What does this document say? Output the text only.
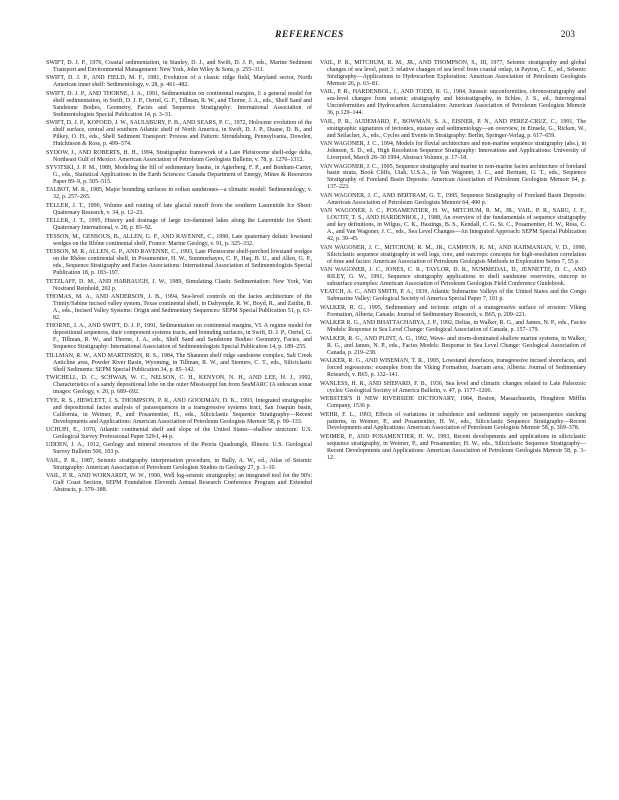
REFERENCES	203

SWIFT, D. J. P., 1976, Coastal sedimentation, in Stanley, D. J., and Swift, D. J. P., eds., Marine Sediment Transport and Environmental Management: New York, John Wiley & Sons, p. 255–311.

SWIFT, D. J. P., AND FIELD, M. F., 1981, Evolution of a classic ridge field, Maryland sector, North American inner shelf: Sedimentology, v. 28, p. 461–482.

SWIFT, D. J. P., AND THORNE, J. A., 1991, Sedimentation on continental margins, I: a general model for shelf sedimentation, in Swift, D. J. P., Oertel, G. F., Tillman, R. W., and Thorne, J. A., eds., Shelf Sand and Sandstone Bodies, Geometry, Facies and Sequence Stratigraphy: International Association of Sedimentologists Special Publication 14, p. 3–31.

SWIFT, D. J. P., KOFOED, J. W., SAULSBURY, F. B., AND SEARS, P. C., 1972, Holocene evolution of the shelf surface, central and southern Atlantic shelf of North America, in Swift, D. J. P., Duane, D. B., and Pilkey, O. H., eds., Shelf Sediment Transport: Process and Pattern: Stroudsburg, Pennsylvania, Dowden, Hutchinson & Ross, p. 499–574.

SYDOW, J., AND ROBERTS, H. H., 1994, Stratigraphic framework of a Late Pleistocene shelf-edge delta, Northeast Gulf of Mexico: American Association of Petroleum Geologists Bulletin, v. 78, p. 1276–1312.

SYVITSKI, J. P. M., 1989, Modeling the fill of sedimentary basins, in Agterberg, F. P., and Bonham-Carter, G., eds., Statistical Applications in the Earth Sciences: Canada Department of Energy, Mines & Resources Paper 89–9, p. 505–515.

TALBOT, M. R., 1985, Major bounding surfaces in eolian sandstones—a climatic model: Sedimentology, v. 32, p. 257–265.

TELLER, J. T., 1990, Volume and routing of late glacial runoff from the southern Laurentide Ice Sheet: Quaternary Research, v. 34, p. 12–23.

TELLER, J. T., 1995, History and drainage of large ice-dammed lakes along the Laurentide Ice Sheet: Quaternary International, v. 28, p. 83–92.

TESSON, M., GENSOUS, B., ALLEN, G. P., AND RAVENNE, C., 1990, Late quaternary deltaic lowstand wedges on the Rhône continental shelf, France: Marine Geology, v. 91, p. 325–332.

TESSON, M. R., ALLEN, G. P., AND RAVENNE, C., 1993, Late Pleistocene shelf-perched lowstand wedges on the Rhône continental shelf, in Posamentier, H. W., Summerhayes, C. P., Haq, B. U., and Allen, G. P., eds., Sequence Stratigraphy and Facies Associations: International Association of Sedimentologists Special Publication 18, p. 183–197.

TETZLAFF, D. M., AND HARBAUGH, J. W., 1989, Simulating Clastic Sedimentation: New York, Van Nostrand Reinhold, 202 p.

THOMAS, M. A., AND ANDERSON, J. B., 1994, Sea-level controls on the facies architecture of the Trinity/Sabine incised valley system, Texas continental shelf, in Dalrymple, R. W., Boyd, R., and Zaitlin, B. A., eds., Incised Valley Systems: Origin and Sedimentary Sequences: SEPM Special Publication 51, p. 63–82.

THORNE, J. A., AND SWIFT, D. J. P., 1991, Sedimentation on continental margins, VI. A regime model for depositional sequences, their component systems tracts, and bounding surfaces, in Swift, D. J. P., Oertel, G. F., Tillman, R. W., and Thorne, J. A., eds., Shelf Sand and Sandstone Bodies: Geometry, Facies, and Sequence Stratigraphy: International Association of Sedimentologists Special Publication 14, p. 189–255.

TILLMAN, R. W., AND MARTINSEN, R. S., 1984, The Shannon shelf ridge sandstone complex, Salt Creek Anticline area, Powder River Basin, Wyoming, in Tillman, R. W., and Siemers, C. T., eds., Siliciclastic Shelf Sediments: SEPM Special Publication 34, p. 85–142.

TWICHELL, D. C., SCHWAB, W. C., NELSON, C. H., KENYON, N. H., AND LEE, H. J., 1992, Characteristics of a sandy depositional lobe on the outer Mississippi fan from SeaMARC IA sidescan sonar images: Geology, v. 20, p. 689–692.

TYE, R. S., HEWLETT, J. S. THOMPSON, P. R., AND GOODMAN, D. K., 1993, Integrated stratigraphic and depositional facies analysis of parasequences in a transgressive systems tract, San Joaquin basin, California, in Weimer, P., and Posamentier, H., eds., Siliciclastic Sequence Stratigraphy—Recent Developments and Applications: American Association of Petroleum Geologists Memoir 58, p. 99–133.

UCHUPI, E., 1970, Atlantic continental shelf and slope of the United States—shallow structure: U.S. Geological Survey Professional Paper 529-I, 44 p.

UDDEN, J. A., 1912, Geology and mineral resources of the Peoria Quadrangle, Illinois: U.S. Geological Survey Bulletin 506, 103 p.

VAIL, P. R., 1987, Seismic stratigraphy interpretation procedure, in Bally, A. W., ed., Atlas of Seismic Stratigraphy: American Association of Petroleum Geologists Studies in Geology 27, p. 1–10.

VAIL, P. R., AND WORNARDT, W. W., 1990, Well log-seismic stratigraphy; an integrated tool for the 90's: Gulf Coast Section, SEPM Foundation Eleventh Annual Research Conference Program and Extended Abstracts, p. 379–388.

VAIL, P. R., MITCHUM, R. M., JR., AND THOMPSON, S., III, 1977, Seismic stratigraphy and global changes of sea level, part 3: relative changes of sea level from coastal onlap, in Payton, C. E., ed., Seismic Stratigraphy—Applications to Hydrocarbon Exploration: American Association of Petroleum Geologists Memoir 26, p. 63–81.

VAIL, P. R., HARDENBOL, J., AND TODD, R. G., 1984, Jurassic unconformities, chronostratigraphy and sea-level changes from seismic stratigraphy and biostratigraphy, in Schlee, J. S., ed., Interregional Unconformities and Hydrocarbon Accumulation: American Association of Petroleum Geologists Memoir 36, p.129–144.

VAIL, P. R., AUDEMARD, F., BOWMAN, S. A., EISNER, P. N., AND PEREZ-CRUZ, C., 1991, The stratigraphic signatures of tectonics, eustasy and sedimentology—an overview, in Einsele, G., Ricken, W., and Seilacher, A., eds., Cycles and Events in Stratigraphy: Berlin, Springer-Verlag, p. 617–659.

VAN WAGONER, J. C., 1994, Models for fluvial architecture and non-marine sequence stratigraphy (abs.), in Johnson, S. D., ed., High Resolution Sequence Stratigraphy: Innovations and Applications: University of Liverpool, March 28–30 1994, Abstract Volume, p. 17–18.

VAN WAGONER, J. C., 1995, Sequence stratigraphy and marine to non-marine facies architecture of foreland basin strata, Book Cliffs, Utah, U.S.A., in Van Wagoner, J. C., and Bertram, G. T., eds., Sequence Stratigraphy of Foreland Basin Deposits: American Association of Petroleum Geologists Memoir 64, p. 137–223.

VAN WAGONER, J. C., AND BERTRAM, G. T., 1995, Sequence Stratigraphy of Foreland Basin Deposits: American Association of Petroleum Geologists Memoir 64, 490 p.

VAN WAGONER, J. C., POSAMENTIER, H. W., MITCHUM, R. M., JR., VAIL, P. R., SARG, J. F., LOUTIT, T. S., AND HARDENBOL, J., 1988, An overview of the fundamentals of sequence stratigraphy and key definitions, in Wilgus, C. K., Hastings, B. S., Kendall, C. G. St. C., Posamentier, H. W., Ross, C. A., and Van Wagoner, J. C., eds., Sea Level Changes—An Integrated Approach: SEPM Special Publication 42, p. 39–45.

VAN WAGONER, J. C., MITCHUM, R. M., JR., CAMPION, K. M., AND RAHMANIAN, V. D., 1990, Siliciclastic sequence stratigraphy in well logs, core, and outcrops: concepts for high-resolution correlation of time and facies: American Association of Petroleum Geologists Methods in Exploration Series 7, 55 p.

VAN WAGONER, J. C., JONES, C. R., TAYLOR, D. R., NUMMEDAL, D., JENNETTE, D. C., AND RILEY, G. W., 1991, Sequence stratigraphy applications to shelf sandstone reservoirs, outcrop to subsurface examples: American Association of Petroleum Geologists Field Conference Guidebook.

VEATCH, A. C., AND SMITH, P. A., 1939, Atlantic Submarine Valleys of the United States and the Congo Submarine Valley: Geological Society of America Special Paper 7, 101 p.

WALKER, R. G., 1995, Sedimentary and tectonic origin of a transgressive surface of erosion: Viking Formation, Alberta, Canada: Journal of Sedimentary Research, v. B65, p. 209–221.

WALKER R. G., AND BHATTACHARYA, J. P., 1992, Deltas, in Walker, R. G., and James, N. P., eds., Facies Models: Response to Sea Level Change: Geological Association of Canada, p. 157–179.

WALKER, R. G., AND PLINT, A. G., 1992, Wave- and storm-dominated shallow marine systems, in Walker, R. G., and James, N. P., eds., Facies Models: Response to Sea Level Change: Geological Association of Canada, p. 219–238.

WALKER, R. G., AND WISEMAN, T. R., 1995, Lowstand shorefaces, transgressive incised shorefaces, and forced regressions: examples from the Viking Formation, Joarcam area, Alberta: Journal of Sedimentary Research, v. B65, p. 132–141.

WANLESS, H. R., AND SHEPARD, F. B., 1936, Sea level and climatic changes related to Late Paleozoic cycles: Geological Society of America Bulletin, v. 47, p. 1177–1206.

WEBSTER'S II NEW RIVERSIDE DICTIONARY, 1984, Boston, Massachusetts, Houghton Mifflin Company, 1536 p.

WEHR, F. L., 1993, Effects of variations in subsidence and sediment supply on parasequence stacking patterns, in Weimer, P., and Posamentier, H. W., eds., Siliciclastic Sequence Stratigraphy—Recent Developments and Applications: American Association of Petroleum Geologists Memoir 58, p. 369–378.

WEIMER, P., AND POSAMENTIER, H. W., 1993, Recent developments and applications in siliciclastic sequence stratigraphy, in Weimer, P., and Posamentier, H. W., eds., Siliciclastic Sequence Stratigraphy—Recent Developments and Applications: American Association of Petroleum Geologists Memoir 58, p. 3–12.
